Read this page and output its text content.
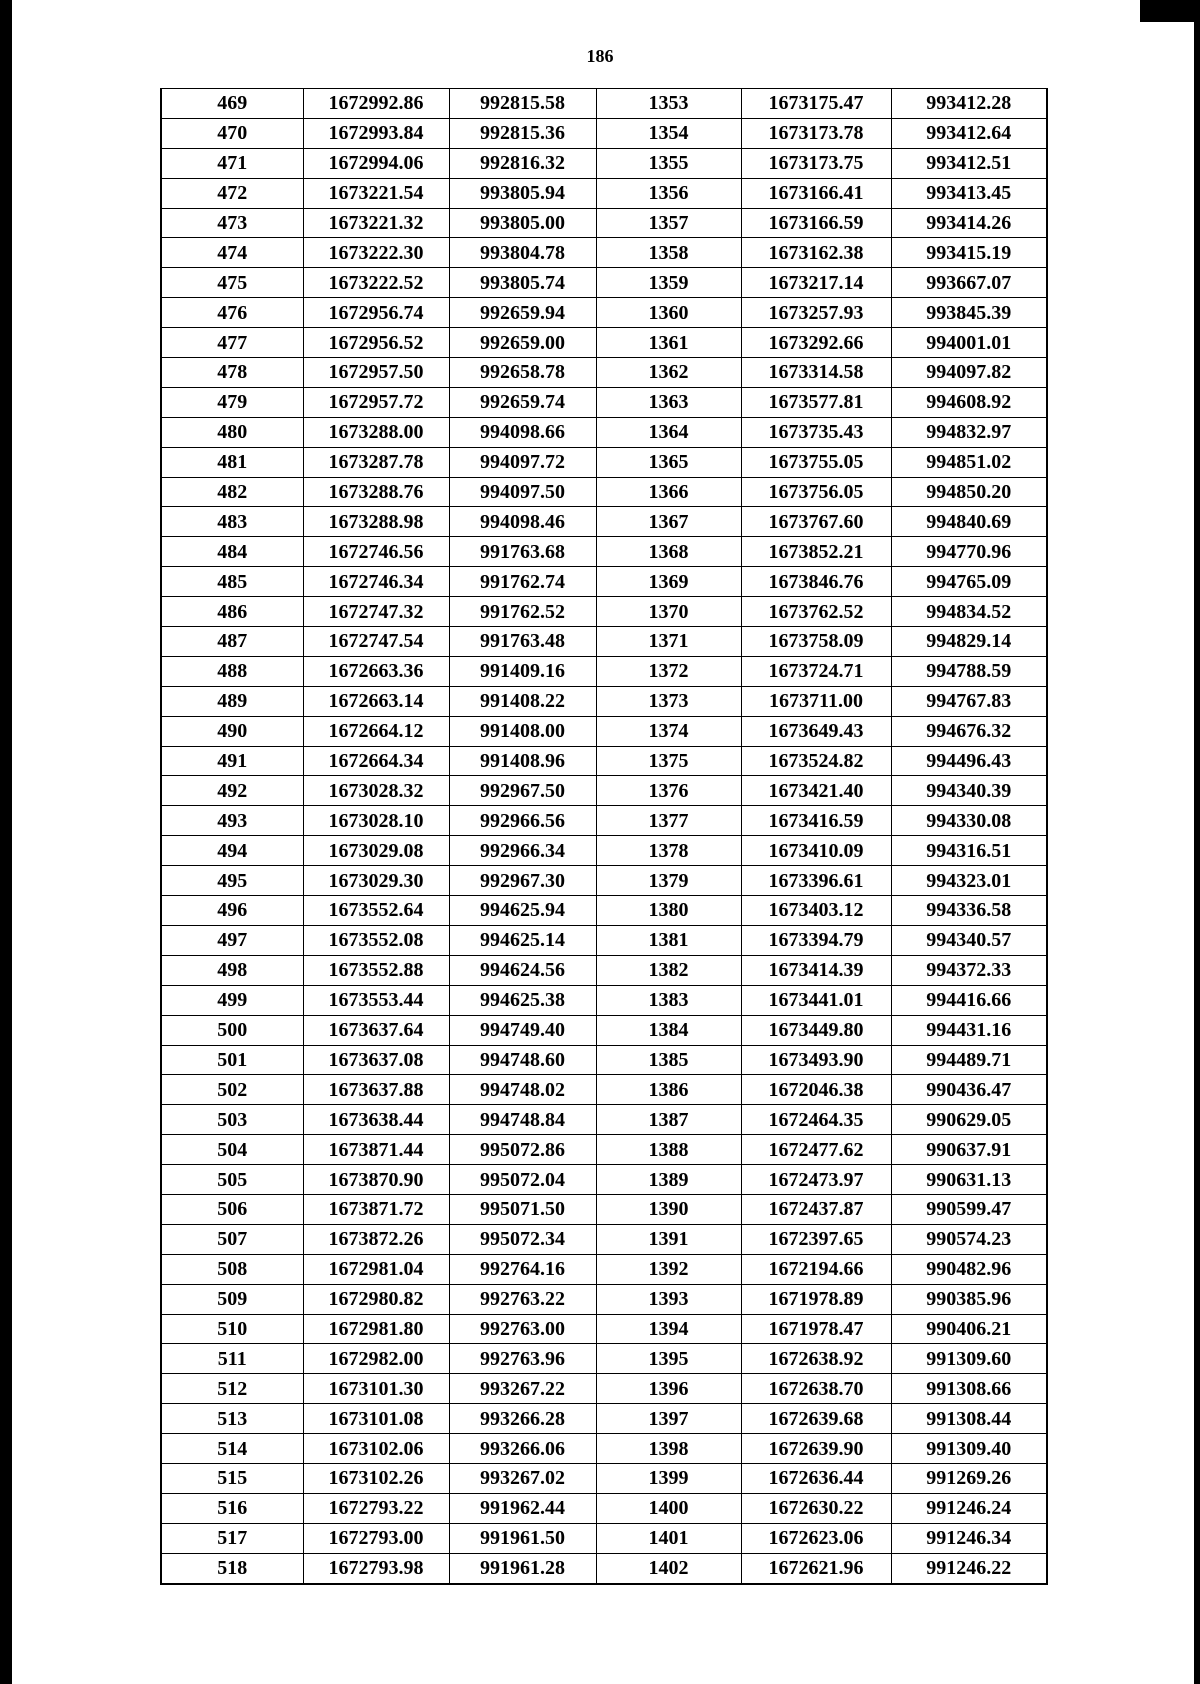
186
469	1672992.86	992815.58	1353	1673175.47	993412.28
470	1672993.84	992815.36	1354	1673173.78	993412.64
471	1672994.06	992816.32	1355	1673173.75	993412.51
472	1673221.54	993805.94	1356	1673166.41	993413.45
473	1673221.32	993805.00	1357	1673166.59	993414.26
474	1673222.30	993804.78	1358	1673162.38	993415.19
475	1673222.52	993805.74	1359	1673217.14	993667.07
476	1672956.74	992659.94	1360	1673257.93	993845.39
477	1672956.52	992659.00	1361	1673292.66	994001.01
478	1672957.50	992658.78	1362	1673314.58	994097.82
479	1672957.72	992659.74	1363	1673577.81	994608.92
480	1673288.00	994098.66	1364	1673735.43	994832.97
481	1673287.78	994097.72	1365	1673755.05	994851.02
482	1673288.76	994097.50	1366	1673756.05	994850.20
483	1673288.98	994098.46	1367	1673767.60	994840.69
484	1672746.56	991763.68	1368	1673852.21	994770.96
485	1672746.34	991762.74	1369	1673846.76	994765.09
486	1672747.32	991762.52	1370	1673762.52	994834.52
487	1672747.54	991763.48	1371	1673758.09	994829.14
488	1672663.36	991409.16	1372	1673724.71	994788.59
489	1672663.14	991408.22	1373	1673711.00	994767.83
490	1672664.12	991408.00	1374	1673649.43	994676.32
491	1672664.34	991408.96	1375	1673524.82	994496.43
492	1673028.32	992967.50	1376	1673421.40	994340.39
493	1673028.10	992966.56	1377	1673416.59	994330.08
494	1673029.08	992966.34	1378	1673410.09	994316.51
495	1673029.30	992967.30	1379	1673396.61	994323.01
496	1673552.64	994625.94	1380	1673403.12	994336.58
497	1673552.08	994625.14	1381	1673394.79	994340.57
498	1673552.88	994624.56	1382	1673414.39	994372.33
499	1673553.44	994625.38	1383	1673441.01	994416.66
500	1673637.64	994749.40	1384	1673449.80	994431.16
501	1673637.08	994748.60	1385	1673493.90	994489.71
502	1673637.88	994748.02	1386	1672046.38	990436.47
503	1673638.44	994748.84	1387	1672464.35	990629.05
504	1673871.44	995072.86	1388	1672477.62	990637.91
505	1673870.90	995072.04	1389	1672473.97	990631.13
506	1673871.72	995071.50	1390	1672437.87	990599.47
507	1673872.26	995072.34	1391	1672397.65	990574.23
508	1672981.04	992764.16	1392	1672194.66	990482.96
509	1672980.82	992763.22	1393	1671978.89	990385.96
510	1672981.80	992763.00	1394	1671978.47	990406.21
511	1672982.00	992763.96	1395	1672638.92	991309.60
512	1673101.30	993267.22	1396	1672638.70	991308.66
513	1673101.08	993266.28	1397	1672639.68	991308.44
514	1673102.06	993266.06	1398	1672639.90	991309.40
515	1673102.26	993267.02	1399	1672636.44	991269.26
516	1672793.22	991962.44	1400	1672630.22	991246.24
517	1672793.00	991961.50	1401	1672623.06	991246.34
518	1672793.98	991961.28	1402	1672621.96	991246.22
